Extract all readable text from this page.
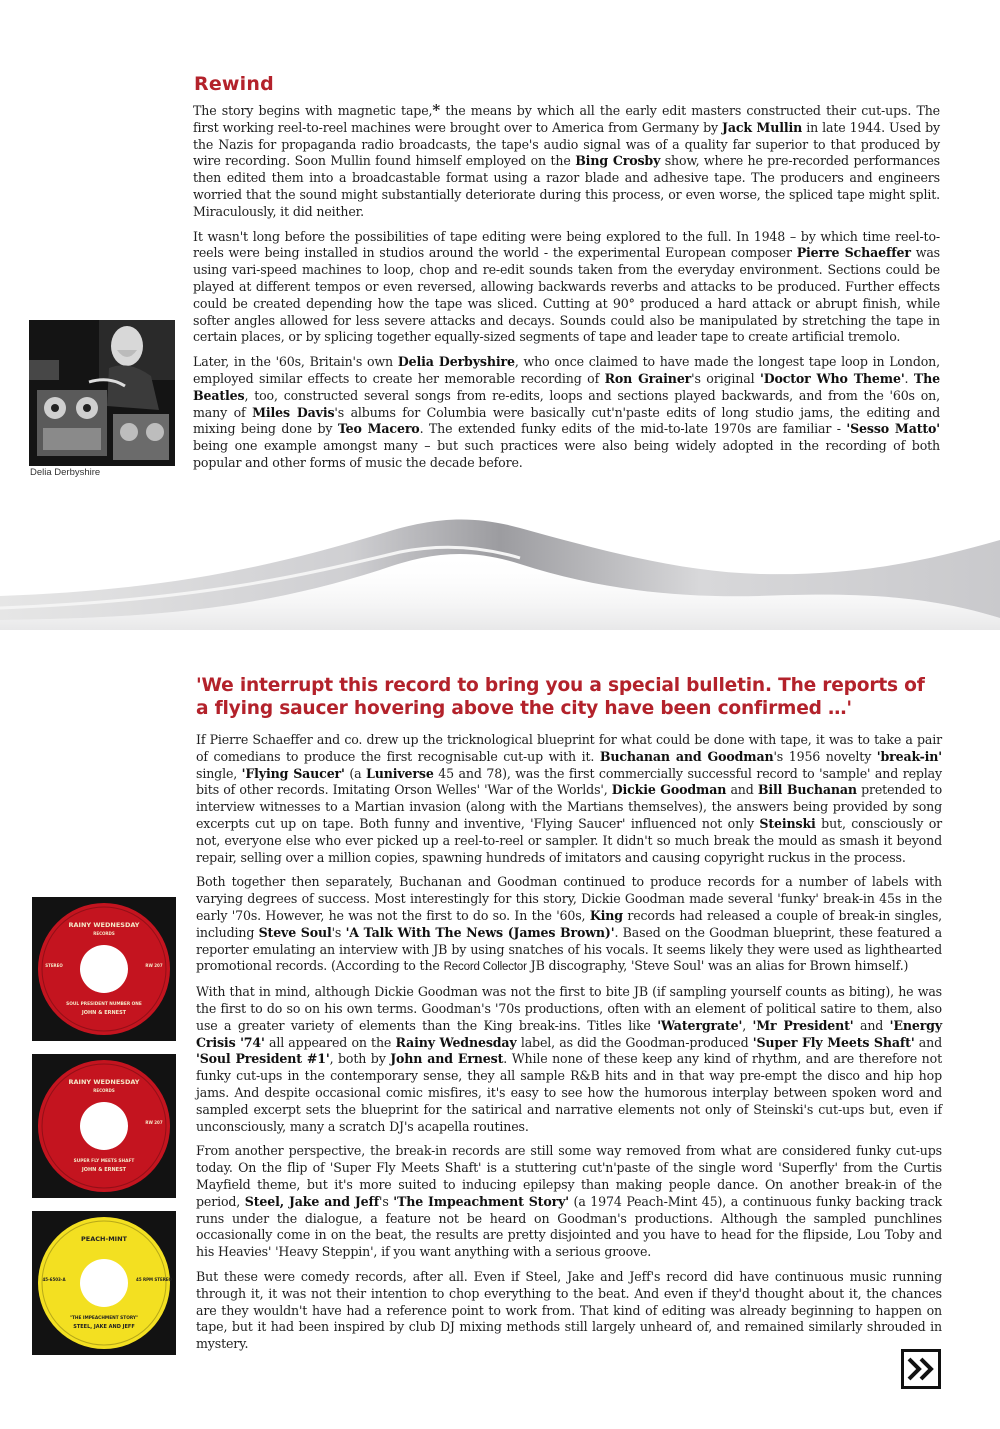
Rewind

The story begins with magnetic tape,* the means by which all the early edit masters constructed their cut-ups. The first working reel-to-reel machines were brought over to America from Germany by Jack Mullin in late 1944. Used by the Nazis for propaganda radio broadcasts, the tape's audio signal was of a quality far superior to that produced by wire recording. Soon Mullin found himself employed on the Bing Crosby show, where he pre-recorded performances then edited them into a broadcastable format using a razor blade and adhesive tape. The producers and engineers worried that the sound might substantially deteriorate during this process, or even worse, the spliced tape might split. Miraculously, it did neither.

It wasn't long before the possibilities of tape editing were being explored to the full. In 1948 – by which time reel-to-reels were being installed in studios around the world - the experimental European composer Pierre Schaeffer was using vari-speed machines to loop, chop and re-edit sounds taken from the everyday environment. Sections could be played at different tempos or even reversed, allowing backwards reverbs and attacks to be produced. Further effects could be created depending how the tape was sliced. Cutting at 90° produced a hard attack or abrupt finish, while softer angles allowed for less severe attacks and decays. Sounds could also be manipulated by stretching the tape in certain places, or by splicing together equally-sized segments of tape and leader tape to create artificial tremolo.

Later, in the '60s, Britain's own Delia Derbyshire, who once claimed to have made the longest tape loop in London, employed similar effects to create her memorable recording of Ron Grainer's original 'Doctor Who Theme'. The Beatles, too, constructed several songs from re-edits, loops and sections played backwards, and from the '60s on, many of Miles Davis's albums for Columbia were basically cut'n'paste edits of long studio jams, the editing and mixing being done by Teo Macero. The extended funky edits of the mid-to-late 1970s are familiar - 'Sesso Matto' being one example amongst many – but such practices were also being widely adopted in the recording of both popular and other forms of music the decade before.

Delia Derbyshire
'We interrupt this record to bring you a special bulletin. The reports of a flying saucer hovering above the city have been confirmed …'

If Pierre Schaeffer and co. drew up the tricknological blueprint for what could be done with tape, it was to take a pair of comedians to produce the first recognisable cut-up with it. Buchanan and Goodman's 1956 novelty 'break-in' single, 'Flying Saucer' (a Luniverse 45 and 78), was the first commercially successful record to 'sample' and replay bits of other records. Imitating Orson Welles' 'War of the Worlds', Dickie Goodman and Bill Buchanan pretended to interview witnesses to a Martian invasion (along with the Martians themselves), the answers being provided by song excerpts cut up on tape. Both funny and inventive, 'Flying Saucer' influenced not only Steinski but, consciously or not, everyone else who ever picked up a reel-to-reel or sampler. It didn't so much break the mould as smash it beyond repair, selling over a million copies, spawning hundreds of imitators and causing copyright ruckus in the process.

Both together then separately, Buchanan and Goodman continued to produce records for a number of labels with varying degrees of success. Most interestingly for this story, Dickie Goodman made several 'funky' break-in 45s in the early '70s. However, he was not the first to do so. In the '60s, King records had released a couple of break-in singles, including Steve Soul's 'A Talk With The News (James Brown)'. Based on the Goodman blueprint, these featured a reporter emulating an interview with JB by using snatches of his vocals. It seems likely they were used as lighthearted promotional records. (According to the Record Collector JB discography, 'Steve Soul' was an alias for Brown himself.)

With that in mind, although Dickie Goodman was not the first to bite JB (if sampling yourself counts as biting), he was the first to do so on his own terms. Goodman's '70s productions, often with an element of political satire to them, also use a greater variety of elements than the King break-ins. Titles like 'Watergrate', 'Mr President' and 'Energy Crisis '74' all appeared on the Rainy Wednesday label, as did the Goodman-produced 'Super Fly Meets Shaft' and 'Soul President #1', both by John and Ernest. While none of these keep any kind of rhythm, and are therefore not funky cut-ups in the contemporary sense, they all sample R&B hits and in that way pre-empt the disco and hip hop jams. And despite occasional comic misfires, it's easy to see how the humorous interplay between spoken word and sampled excerpt sets the blueprint for the satirical and narrative elements not only of Steinski's cut-ups but, even if unconsciously, many a scratch DJ's acapella routines.

From another perspective, the break-in records are still some way removed from what are considered funky cut-ups today. On the flip of 'Super Fly Meets Shaft' is a stuttering cut'n'paste of the single word 'Superfly' from the Curtis Mayfield theme, but it's more suited to inducing epilepsy than making people dance. On another break-in of the period, Steel, Jake and Jeff's 'The Impeachment Story' (a 1974 Peach-Mint 45), a continuous funky backing track runs under the dialogue, a feature not be heard on Goodman's productions. Although the sampled punchlines occasionally come in on the beat, the results are pretty disjointed and you have to head for the flipside, Lou Toby and his Heavies' 'Heavy Steppin', if you want anything with a serious groove.

But these were comedy records, after all. Even if Steel, Jake and Jeff's record did have continuous music running through it, it was not their intention to chop everything to the beat. And even if they'd thought about it, the chances are they wouldn't have had a reference point to work from. That kind of editing was already beginning to happen on tape, but it had been inspired by club DJ mixing methods still largely unheard of, and remained similarly shrouded in mystery.

RAINY WEDNESDAY
RECORDS
STEREO	RW 207
SOUL PRESIDENT NUMBER ONE
JOHN & ERNEST
RAINY WEDNESDAY
RECORDS
RW 207
SUPER FLY MEETS SHAFT
JOHN & ERNEST
PEACH-MINT
45-6503-A	45 RPM STEREO
"THE IMPEACHMENT STORY"
STEEL, JAKE AND JEFF
